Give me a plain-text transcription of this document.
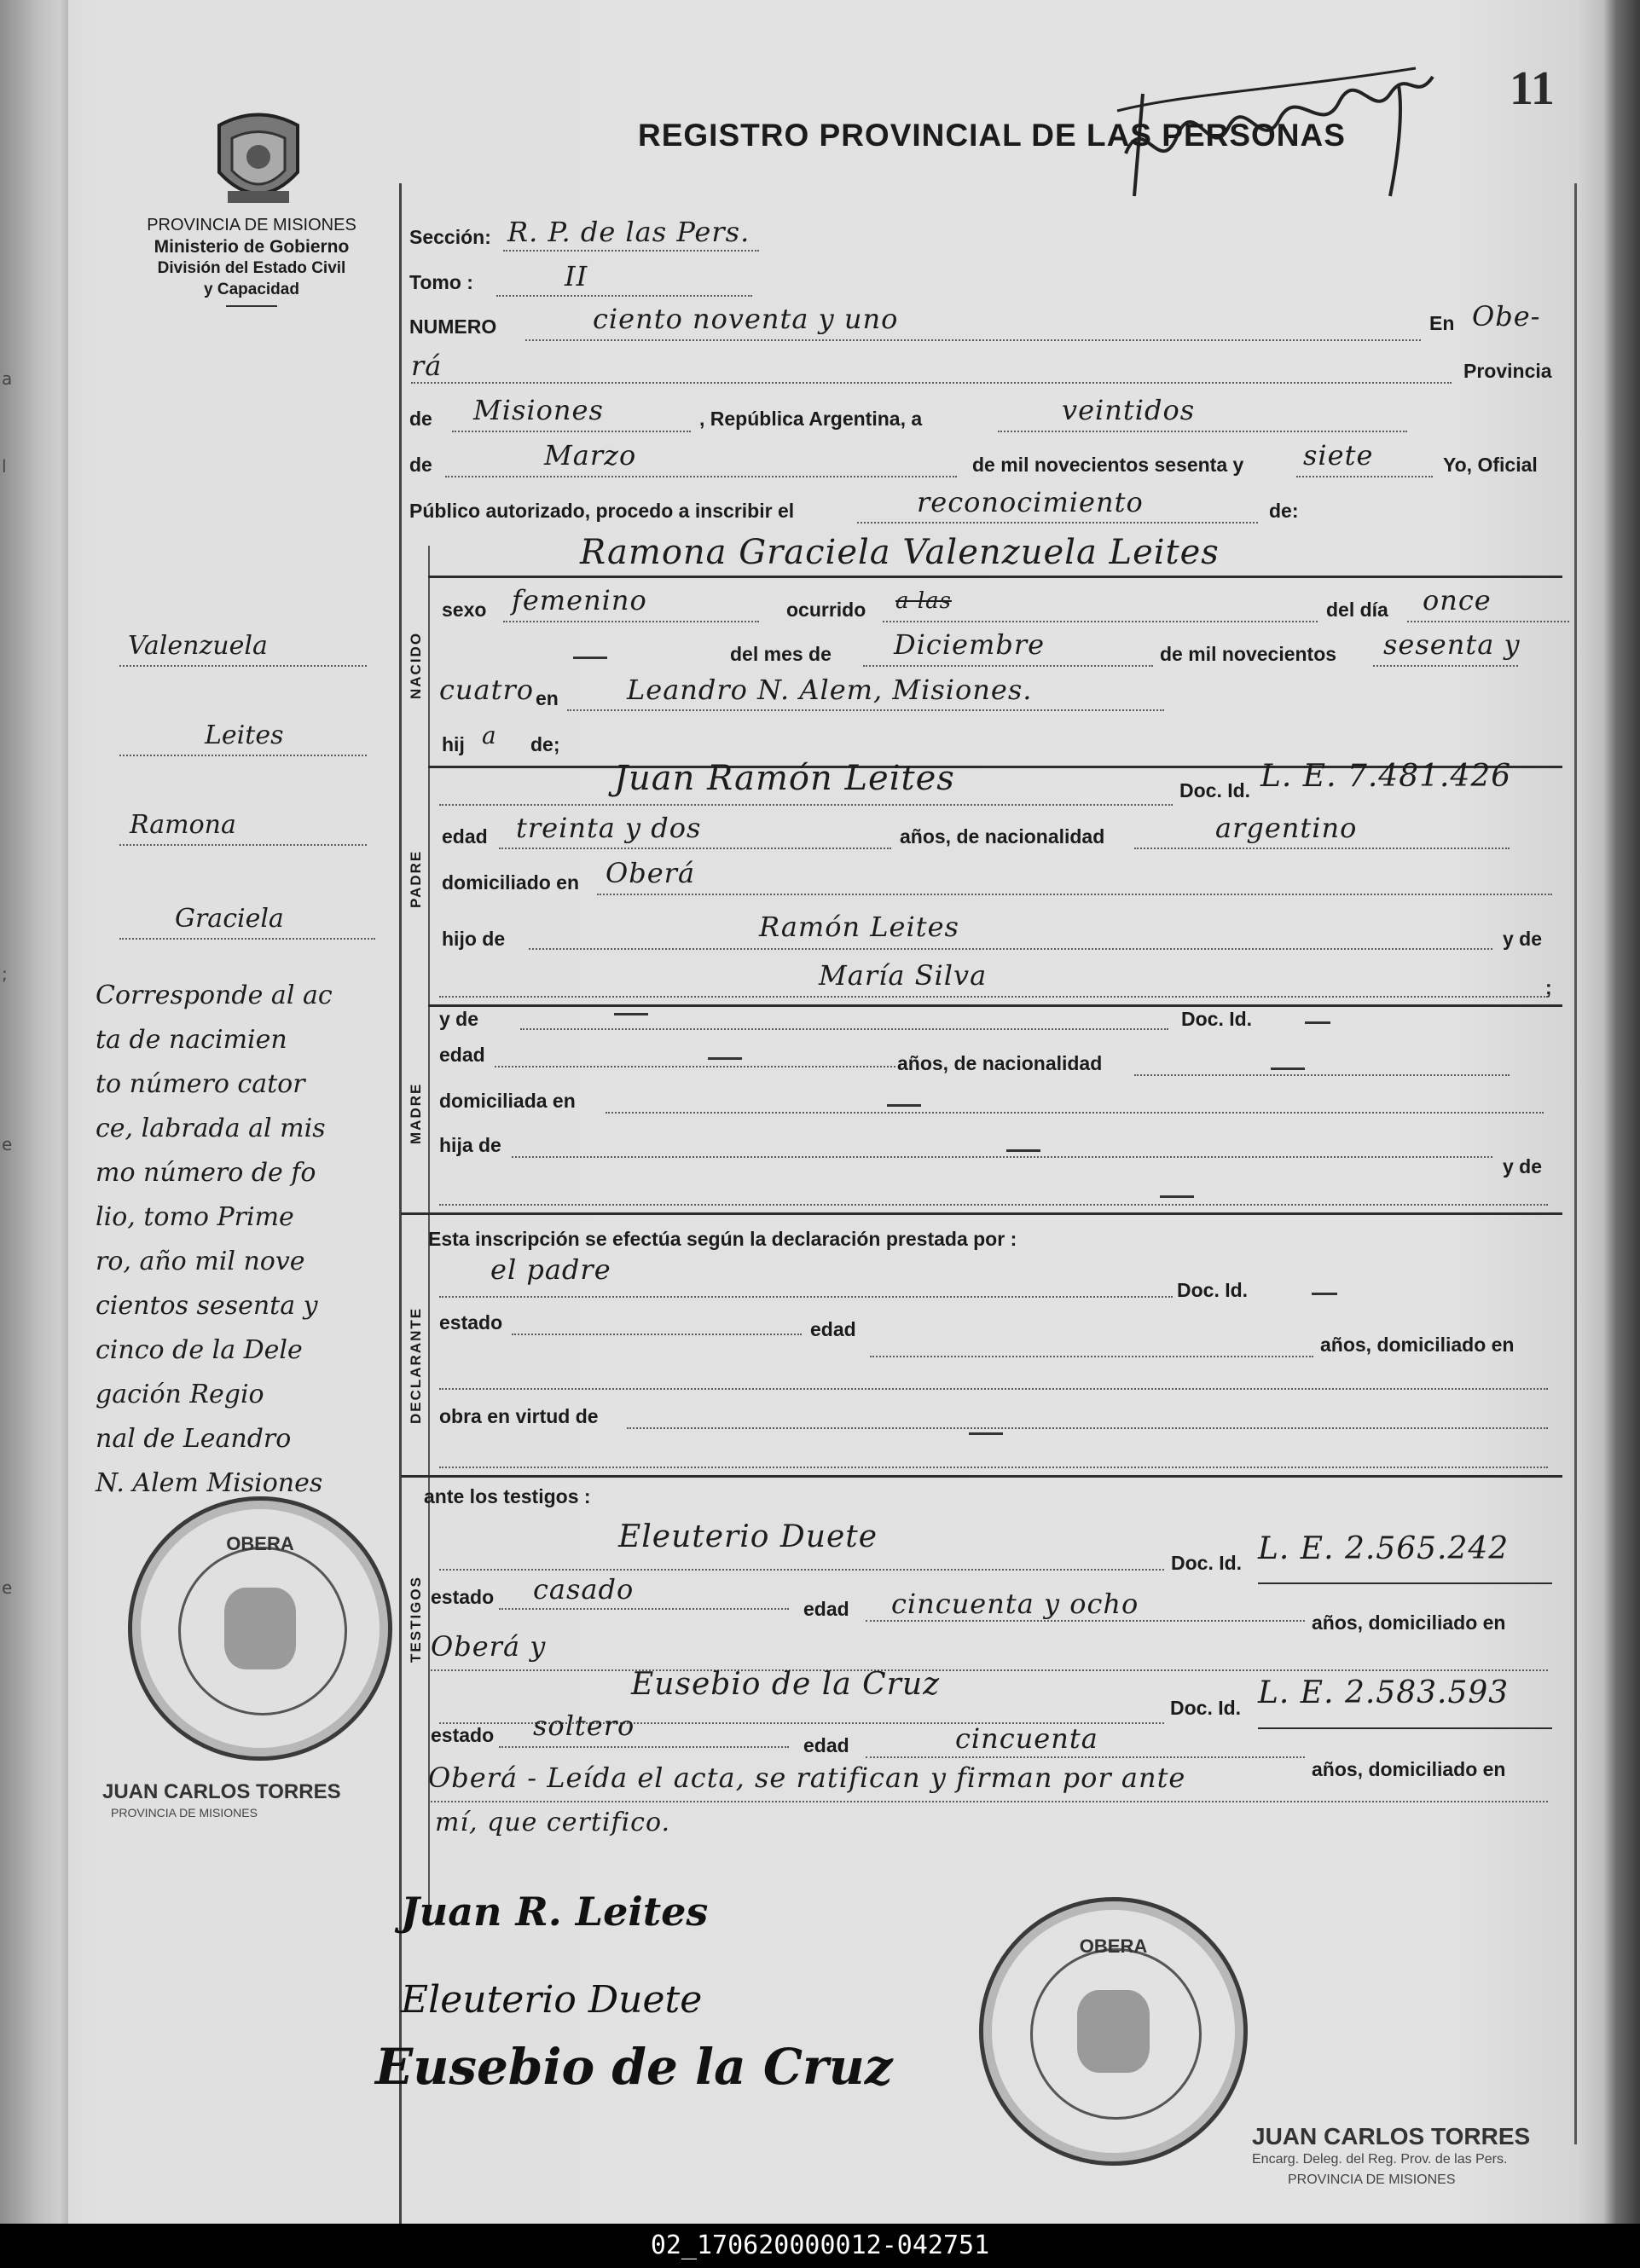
a
l
;
e
e
11
REGISTRO PROVINCIAL DE LAS PERSONAS
PROVINCIA DE MISIONES
Ministerio de Gobierno
División del Estado Civil
y Capacidad
Sección: R. P. de las Pers.
Tomo :	II
NUMERO	ciento noventa y uno	En Obe-
rá	Provincia
de Misiones	, República Argentina, a	veintidos
de	Marzo	de mil novecientos sesenta y siete	Yo, Oficial
Público autorizado, procedo a inscribir el	reconocimiento	de:
Ramona Graciela Valenzuela Leites
NACIDO
sexo femenino	ocurrido a las	del día once
del mes de Diciembre	de mil novecientos sesenta y
cuatro en	Leandro N. Alem, Misiones.
hij a de;
Juan Ramón Leites	Doc. Id. L. E. 7.481.426
PADRE
edad treinta y dos	años, de nacionalidad	argentino
domiciliado en Oberá
hijo de	Ramón Leites	y de
María Silva	;
MADRE
y de	Doc. Id.
edad	años, de nacionalidad
domiciliada en
hija de
y de
Esta inscripción se efectúa según la declaración prestada por :
el padre
Doc. Id.
DECLARANTE estado	edad
años, domiciliado en
obra en virtud de
ante los testigos :
Eleuterio Duete
Doc. Id. L. E. 2.565.242
TESTIGOS estado casado
edad cincuenta y ocho
años, domiciliado en
Oberá y
Eusebio de la Cruz
Doc. Id. L. E. 2.583.593
estado soltero
edad	cincuenta
años, domiciliado en
Oberá - Leída el acta, se ratifican y firman por ante
mí, que certifico.
Valenzuela
Leites
Ramona
Graciela
Corresponde al ac
ta de nacimien
to número cator
ce, labrada al mis
mo número de fo
lio, tomo Prime
ro, año mil nove
cientos sesenta y
cinco de la Dele
gación Regio
nal de Leandro
N. Alem Misiones
OBERA
JUAN CARLOS TORRES
PROVINCIA DE MISIONES
OBERA
JUAN CARLOS TORRES
Encarg. Deleg. del Reg. Prov. de las Pers.
PROVINCIA DE MISIONES
Juan R. Leites
Eleuterio Duete
Eusebio de la Cruz
02_170620000012-042751
